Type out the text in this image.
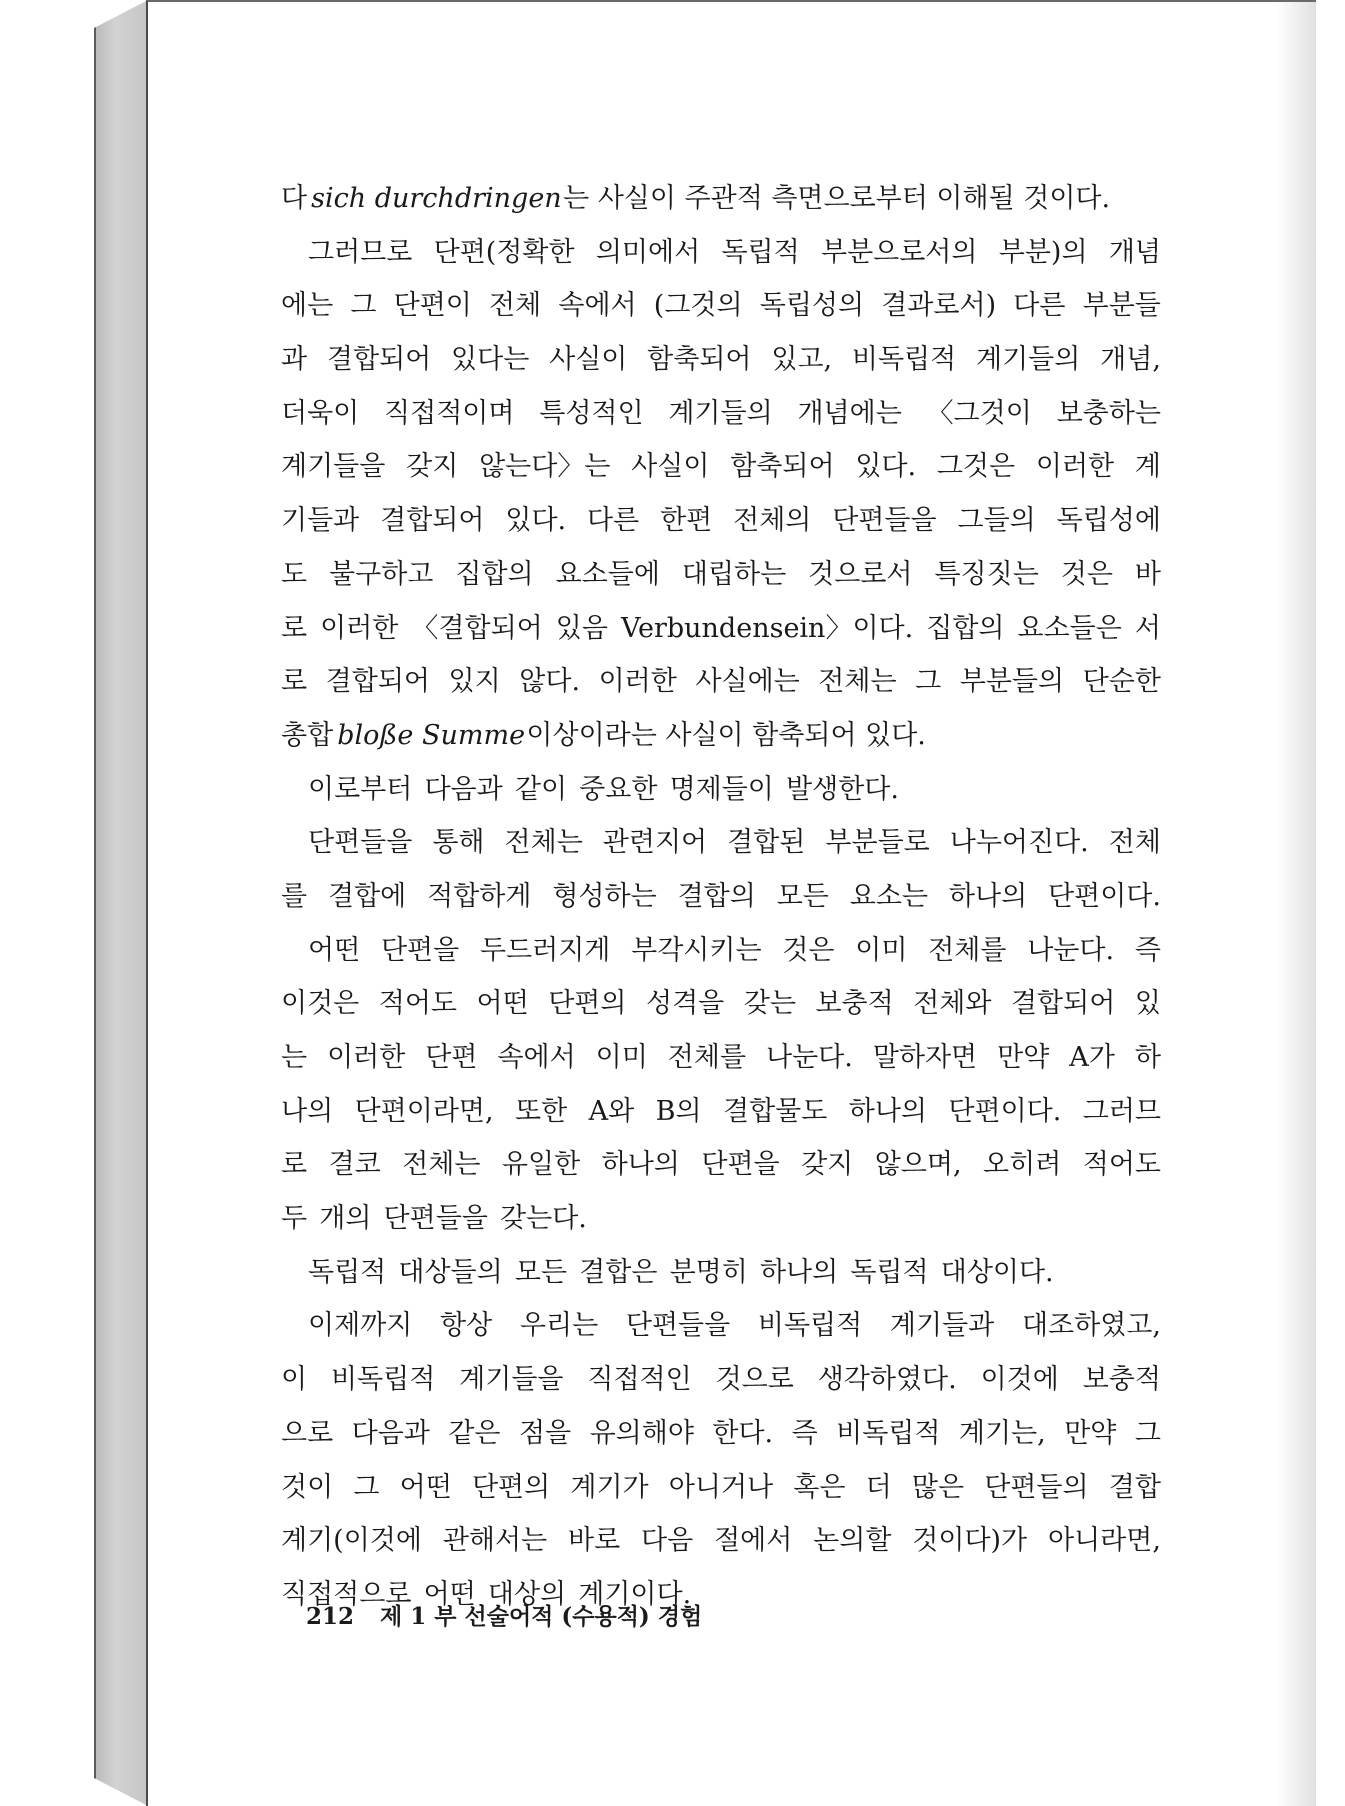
다 sich durchdringen 는 사실이 주관적 측면으로부터 이해될 것이다.
그러므로 단편(정확한 의미에서 독립적 부분으로서의 부분)의 개념
에는 그 단편이 전체 속에서 (그것의 독립성의 결과로서) 다른 부분들
과 결합되어 있다는 사실이 함축되어 있고, 비독립적 계기들의 개념,
더욱이 직접적이며 특성적인 계기들의 개념에는 〈그것이 보충하는
계기들을 갖지 않는다〉는 사실이 함축되어 있다. 그것은 이러한 계
기들과 결합되어 있다. 다른 한편 전체의 단편들을 그들의 독립성에
도 불구하고 집합의 요소들에 대립하는 것으로서 특징짓는 것은 바
로 이러한 〈결합되어 있음 Verbundensein〉이다. 집합의 요소들은 서
로 결합되어 있지 않다. 이러한 사실에는 전체는 그 부분들의 단순한
총합 bloße Summe 이상이라는 사실이 함축되어 있다.
이로부터 다음과 같이 중요한 명제들이 발생한다.
단편들을 통해 전체는 관련지어 결합된 부분들로 나누어진다. 전체
를 결합에 적합하게 형성하는 결합의 모든 요소는 하나의 단편이다.
어떤 단편을 두드러지게 부각시키는 것은 이미 전체를 나눈다. 즉
이것은 적어도 어떤 단편의 성격을 갖는 보충적 전체와 결합되어 있
는 이러한 단편 속에서 이미 전체를 나눈다. 말하자면 만약 A가 하
나의 단편이라면, 또한 A와 B의 결합물도 하나의 단편이다. 그러므
로 결코 전체는 유일한 하나의 단편을 갖지 않으며, 오히려 적어도
두 개의 단편들을 갖는다.
독립적 대상들의 모든 결합은 분명히 하나의 독립적 대상이다.
이제까지 항상 우리는 단편들을 비독립적 계기들과 대조하였고,
이 비독립적 계기들을 직접적인 것으로 생각하였다. 이것에 보충적
으로 다음과 같은 점을 유의해야 한다. 즉 비독립적 계기는, 만약 그
것이 그 어떤 단편의 계기가 아니거나 혹은 더 많은 단편들의 결합
계기(이것에 관해서는 바로 다음 절에서 논의할 것이다)가 아니라면,
직접적으로 어떤 대상의 계기이다.
212 제 1 부 선술어적 (수용적) 경험
